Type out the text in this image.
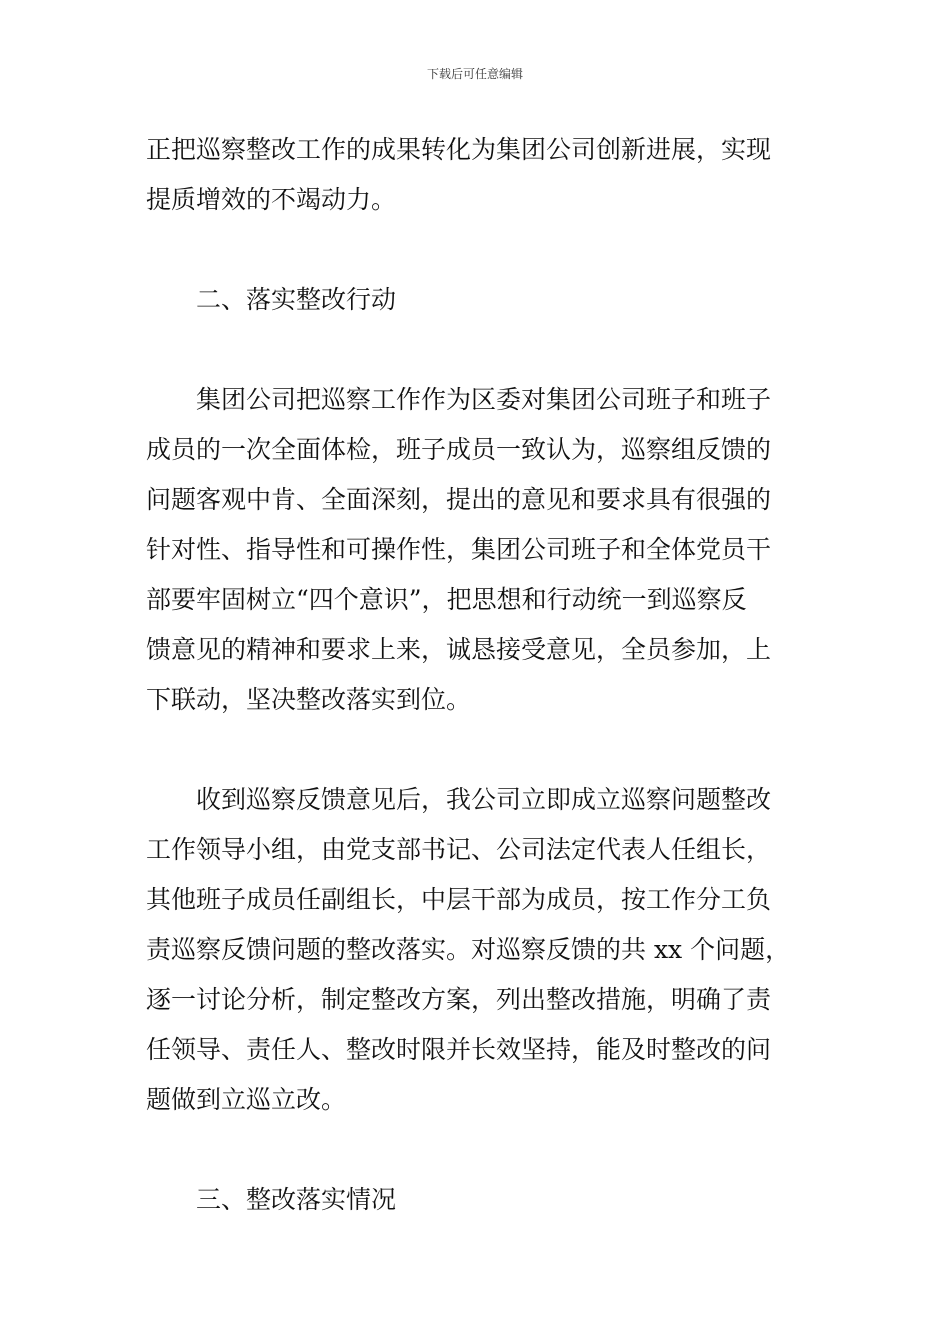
下载后可任意编辑
正把巡察整改工作的成果转化为集团公司创新进展，实现
提质增效的不竭动力。
二、落实整改行动
集团公司把巡察工作作为区委对集团公司班子和班子
成员的一次全面体检，班子成员一致认为，巡察组反馈的
问题客观中肯、全面深刻，提出的意见和要求具有很强的
针对性、指导性和可操作性，集团公司班子和全体党员干
部要牢固树立“四个意识”，把思想和行动统一到巡察反
馈意见的精神和要求上来，诚恳接受意见，全员参加，上
下联动，坚决整改落实到位。
收到巡察反馈意见后，我公司立即成立巡察问题整改
工作领导小组，由党支部书记、公司法定代表人任组长，
其他班子成员任副组长，中层干部为成员，按工作分工负
责巡察反馈问题的整改落实。对巡察反馈的共 xx 个问题，
逐一讨论分析，制定整改方案，列出整改措施，明确了责
任领导、责任人、整改时限并长效坚持，能及时整改的问
题做到立巡立改。
三、整改落实情况
